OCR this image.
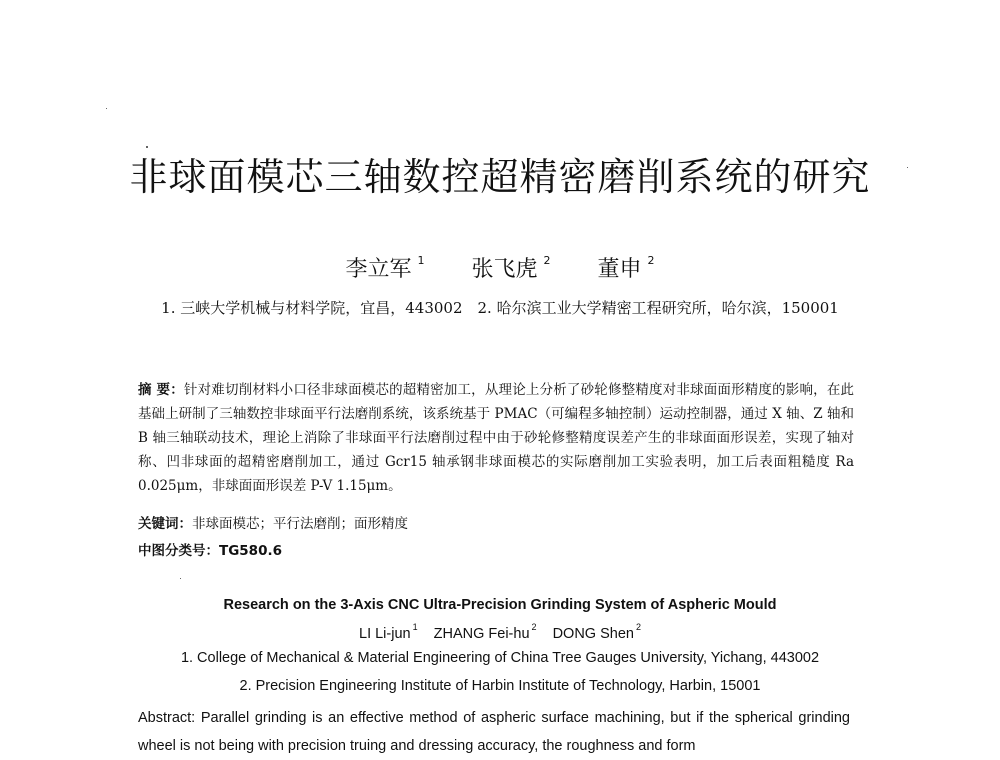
非球面模芯三轴数控超精密磨削系统的研究
李立军 $^1$ 张飞虎 $^2$ 董申 $^2$
1. 三峡大学机械与材料学院，宜昌，443002　2. 哈尔滨工业大学精密工程研究所，哈尔滨，150001

摘 要：针对难切削材料小口径非球面模芯的超精密加工，从理论上分析了砂轮修整精度对非球面面形精度的影响，在此基础上研制了三轴数控非球面平行法磨削系统，该系统基于 PMAC（可编程多轴控制）运动控制器，通过 X 轴、Z 轴和 B 轴三轴联动技术，理论上消除了非球面平行法磨削过程中由于砂轮修整精度误差产生的非球面面形误差，实现了轴对称、凹非球面的超精密磨削加工，通过 Gcr15 轴承钢非球面模芯的实际磨削加工实验表明，加工后表面粗糙度 Ra 0.025μm，非球面面形误差 P-V 1.15μm。

关键词：非球面模芯；平行法磨削；面形精度
中图分类号：TG580.6
Research on the 3-Axis CNC Ultra-Precision Grinding System of Aspheric Mould
LI Li-jun $^1$ ZHANG Fei-hu $^2$ DONG Shen $^2$
1. College of Mechanical & Material Engineering of China Tree Gauges University, Yichang, 443002
2. Precision Engineering Institute of Harbin Institute of Technology, Harbin, 15001

Abstract: Parallel grinding is an effective method of aspheric surface machining, but if the spherical grinding wheel is not being with precision truing and dressing accuracy, the roughness and form
